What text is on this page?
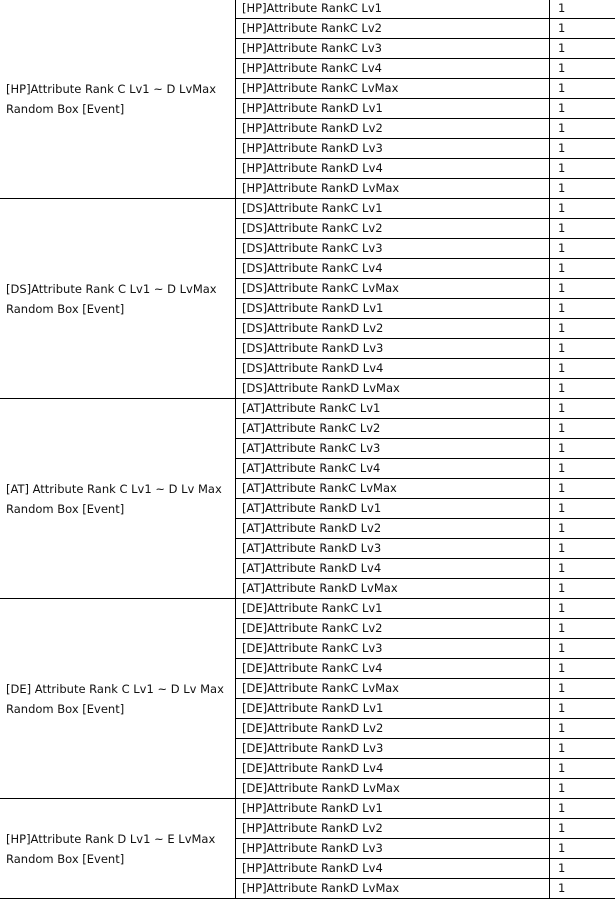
[HP]Attribute Rank C Lv1 ~ D LvMax
Random Box [Event]
[HP]Attribute RankC Lv1	1
[HP]Attribute RankC Lv2	1
[HP]Attribute RankC Lv3	1
[HP]Attribute RankC Lv4	1
[HP]Attribute RankC LvMax	1
[HP]Attribute RankD Lv1	1
[HP]Attribute RankD Lv2	1
[HP]Attribute RankD Lv3	1
[HP]Attribute RankD Lv4	1
[HP]Attribute RankD LvMax	1
[DS]Attribute Rank C Lv1 ~ D LvMax
Random Box [Event]
[DS]Attribute RankC Lv1	1
[DS]Attribute RankC Lv2	1
[DS]Attribute RankC Lv3	1
[DS]Attribute RankC Lv4	1
[DS]Attribute RankC LvMax	1
[DS]Attribute RankD Lv1	1
[DS]Attribute RankD Lv2	1
[DS]Attribute RankD Lv3	1
[DS]Attribute RankD Lv4	1
[DS]Attribute RankD LvMax	1
[AT] Attribute Rank C Lv1 ~ D Lv Max
Random Box [Event]
[AT]Attribute RankC Lv1	1
[AT]Attribute RankC Lv2	1
[AT]Attribute RankC Lv3	1
[AT]Attribute RankC Lv4	1
[AT]Attribute RankC LvMax	1
[AT]Attribute RankD Lv1	1
[AT]Attribute RankD Lv2	1
[AT]Attribute RankD Lv3	1
[AT]Attribute RankD Lv4	1
[AT]Attribute RankD LvMax	1
[DE] Attribute Rank C Lv1 ~ D Lv Max
Random Box [Event]
[DE]Attribute RankC Lv1	1
[DE]Attribute RankC Lv2	1
[DE]Attribute RankC Lv3	1
[DE]Attribute RankC Lv4	1
[DE]Attribute RankC LvMax	1
[DE]Attribute RankD Lv1	1
[DE]Attribute RankD Lv2	1
[DE]Attribute RankD Lv3	1
[DE]Attribute RankD Lv4	1
[DE]Attribute RankD LvMax	1
[HP]Attribute Rank D Lv1 ~ E LvMax
Random Box [Event]
[HP]Attribute RankD Lv1	1
[HP]Attribute RankD Lv2	1
[HP]Attribute RankD Lv3	1
[HP]Attribute RankD Lv4	1
[HP]Attribute RankD LvMax	1
